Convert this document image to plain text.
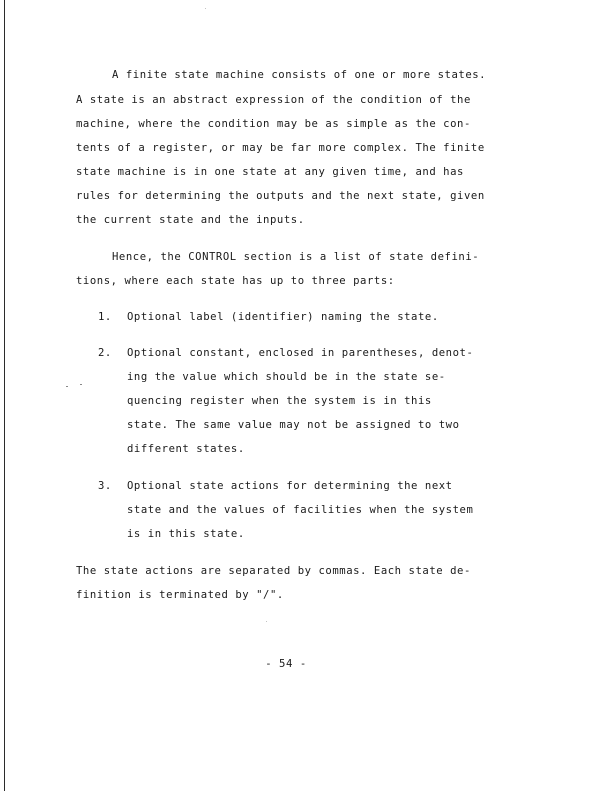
A finite state machine consists of one or more states.
A state is an abstract expression of the condition of the
machine, where the condition may be as simple as the con-
tents of a register, or may be far more complex. The finite
state machine is in one state at any given time, and has
rules for determining the outputs and the next state, given
the current state and the inputs.
Hence, the CONTROL section is a list of state defini-
tions, where each state has up to three parts:
1. Optional label (identifier) naming the state.
2. Optional constant, enclosed in parentheses, denot-
ing the value which should be in the state se-
quencing register when the system is in this
state. The same value may not be assigned to two
different states.
3. Optional state actions for determining the next
state and the values of facilities when the system
is in this state.
The state actions are separated by commas. Each state de-
finition is terminated by "/".
- 54 -
